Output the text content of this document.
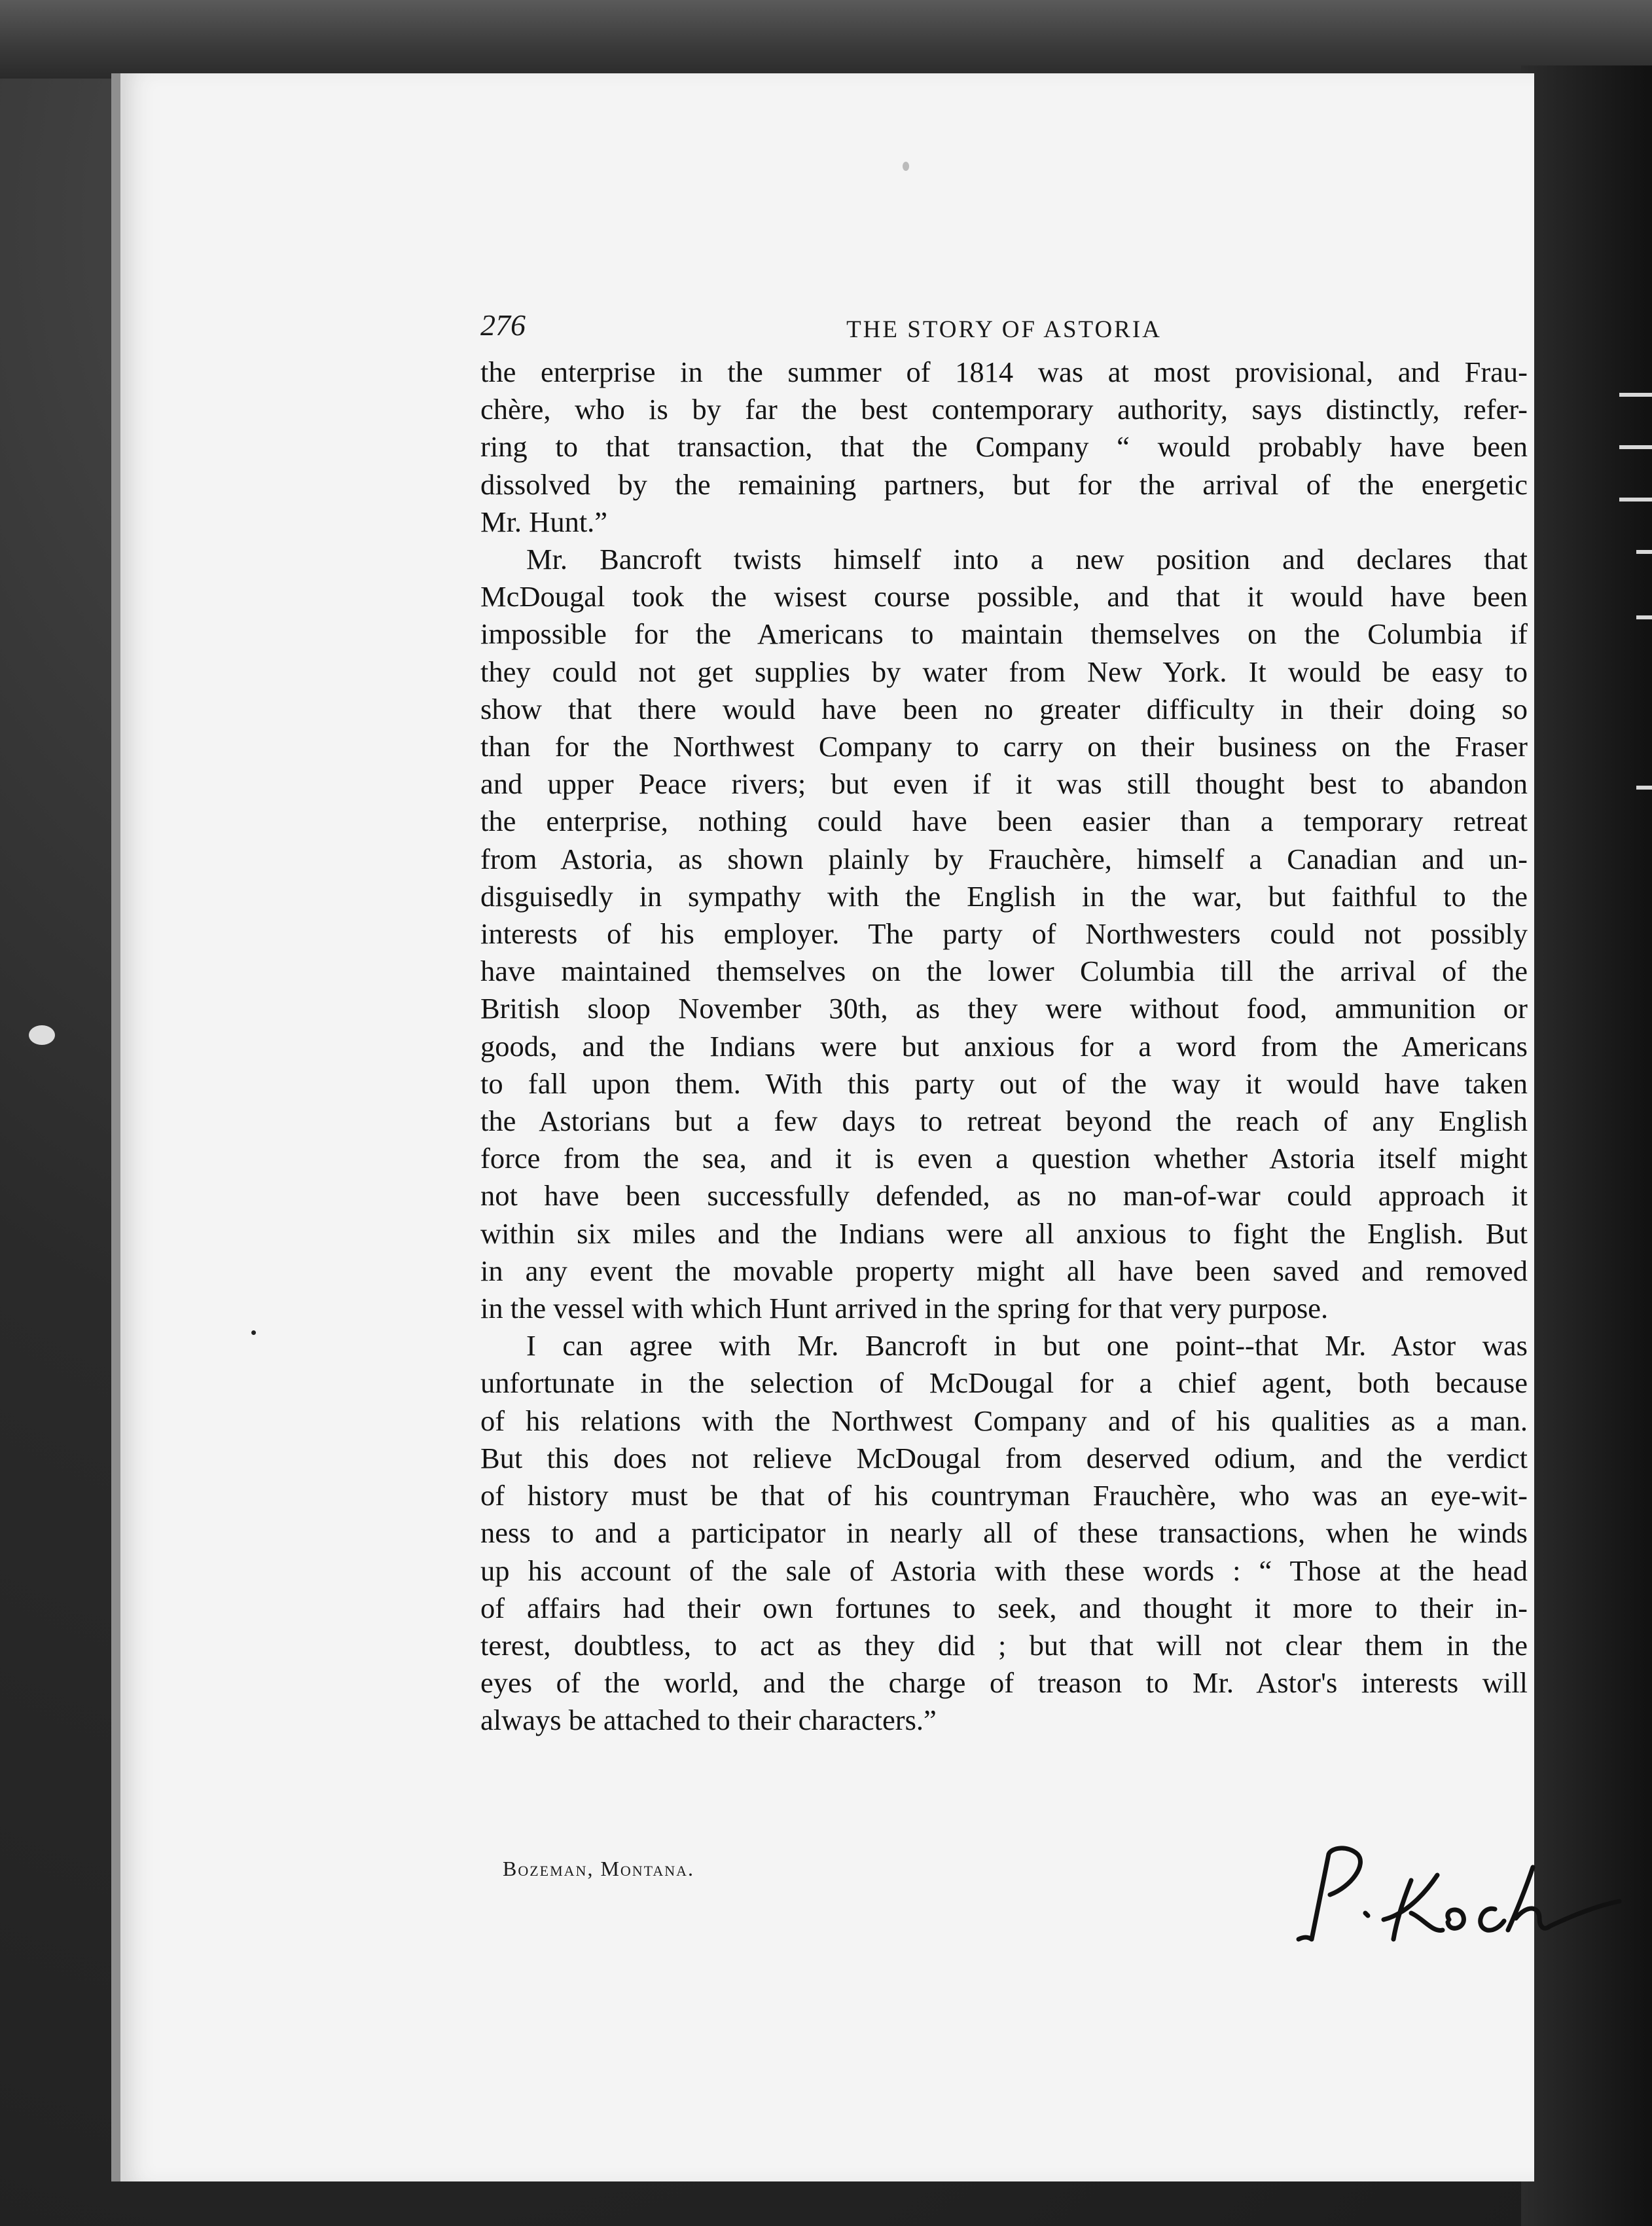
276	THE STORY OF ASTORIA

the enterprise in the summer of 1814 was at most provisional, and Frau-
chère, who is by far the best contemporary authority, says distinctly, refer-
ring to that transaction, that the Company “ would probably have been
dissolved by the remaining partners, but for the arrival of the energetic
Mr. Hunt.”

Mr. Bancroft twists himself into a new position and declares that
McDougal took the wisest course possible, and that it would have been
impossible for the Americans to maintain themselves on the Columbia if
they could not get supplies by water from New York. It would be easy to
show that there would have been no greater difficulty in their doing so
than for the Northwest Company to carry on their business on the Fraser
and upper Peace rivers; but even if it was still thought best to abandon
the enterprise, nothing could have been easier than a temporary retreat
from Astoria, as shown plainly by Frauchère, himself a Canadian and un-
disguisedly in sympathy with the English in the war, but faithful to the
interests of his employer. The party of Northwesters could not possibly
have maintained themselves on the lower Columbia till the arrival of the
British sloop November 30th, as they were without food, ammunition or
goods, and the Indians were but anxious for a word from the Americans
to fall upon them. With this party out of the way it would have taken
the Astorians but a few days to retreat beyond the reach of any English
force from the sea, and it is even a question whether Astoria itself might
not have been successfully defended, as no man-of-war could approach it
within six miles and the Indians were all anxious to fight the English. But
in any event the movable property might all have been saved and removed
in the vessel with which Hunt arrived in the spring for that very purpose.

I can agree with Mr. Bancroft in but one point--that Mr. Astor was
unfortunate in the selection of McDougal for a chief agent, both because
of his relations with the Northwest Company and of his qualities as a man.
But this does not relieve McDougal from deserved odium, and the verdict
of history must be that of his countryman Frauchère, who was an eye-wit-
ness to and a participator in nearly all of these transactions, when he winds
up his account of the sale of Astoria with these words : “ Those at the head
of affairs had their own fortunes to seek, and thought it more to their in-
terest, doubtless, to act as they did ; but that will not clear them in the
eyes of the world, and the charge of treason to Mr. Astor's interests will
always be attached to their characters.”

Bozeman, Montana.
